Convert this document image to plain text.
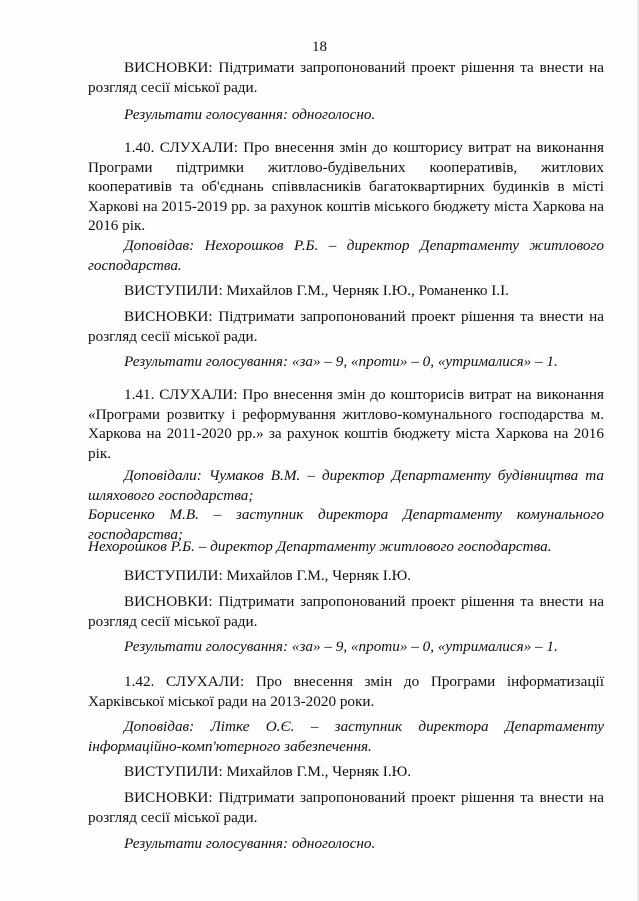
18

ВИСНОВКИ: Підтримати запропонований проект рішення та внести на розгляд сесії міської ради.

Результати голосування: одноголосно.

1.40. СЛУХАЛИ: Про внесення змін до кошторису витрат на виконання Програми підтримки житлово-будівельних кооперативів, житлових кооперативів та об'єднань співвласників багатоквартирних будинків в місті Харкові на 2015-2019 рр. за рахунок коштів міського бюджету міста Харкова на 2016 рік.

Доповідав: Нехорошков Р.Б. – директор Департаменту житлового господарства.

ВИСТУПИЛИ: Михайлов Г.М., Черняк І.Ю., Романенко І.І.

ВИСНОВКИ: Підтримати запропонований проект рішення та внести на розгляд сесії міської ради.

Результати голосування: «за» – 9, «проти» – 0, «утрималися» – 1.

1.41. СЛУХАЛИ: Про внесення змін до кошторисів витрат на виконання «Програми розвитку і реформування житлово-комунального господарства м. Харкова на 2011-2020 рр.» за рахунок коштів бюджету міста Харкова на 2016 рік.

Доповідали: Чумаков В.М. – директор Департаменту будівництва та шляхового господарства;

Борисенко М.В. – заступник директора Департаменту комунального господарства;

Нехорошков Р.Б. – директор Департаменту житлового господарства.

ВИСТУПИЛИ: Михайлов Г.М., Черняк І.Ю.

ВИСНОВКИ: Підтримати запропонований проект рішення та внести на розгляд сесії міської ради.

Результати голосування: «за» – 9, «проти» – 0, «утрималися» – 1.

1.42. СЛУХАЛИ: Про внесення змін до Програми інформатизації Харківської міської ради на 2013-2020 роки.

Доповідав: Літке О.Є. – заступник директора Департаменту інформаційно-комп'ютерного забезпечення.

ВИСТУПИЛИ: Михайлов Г.М., Черняк І.Ю.

ВИСНОВКИ: Підтримати запропонований проект рішення та внести на розгляд сесії міської ради.

Результати голосування: одноголосно.
